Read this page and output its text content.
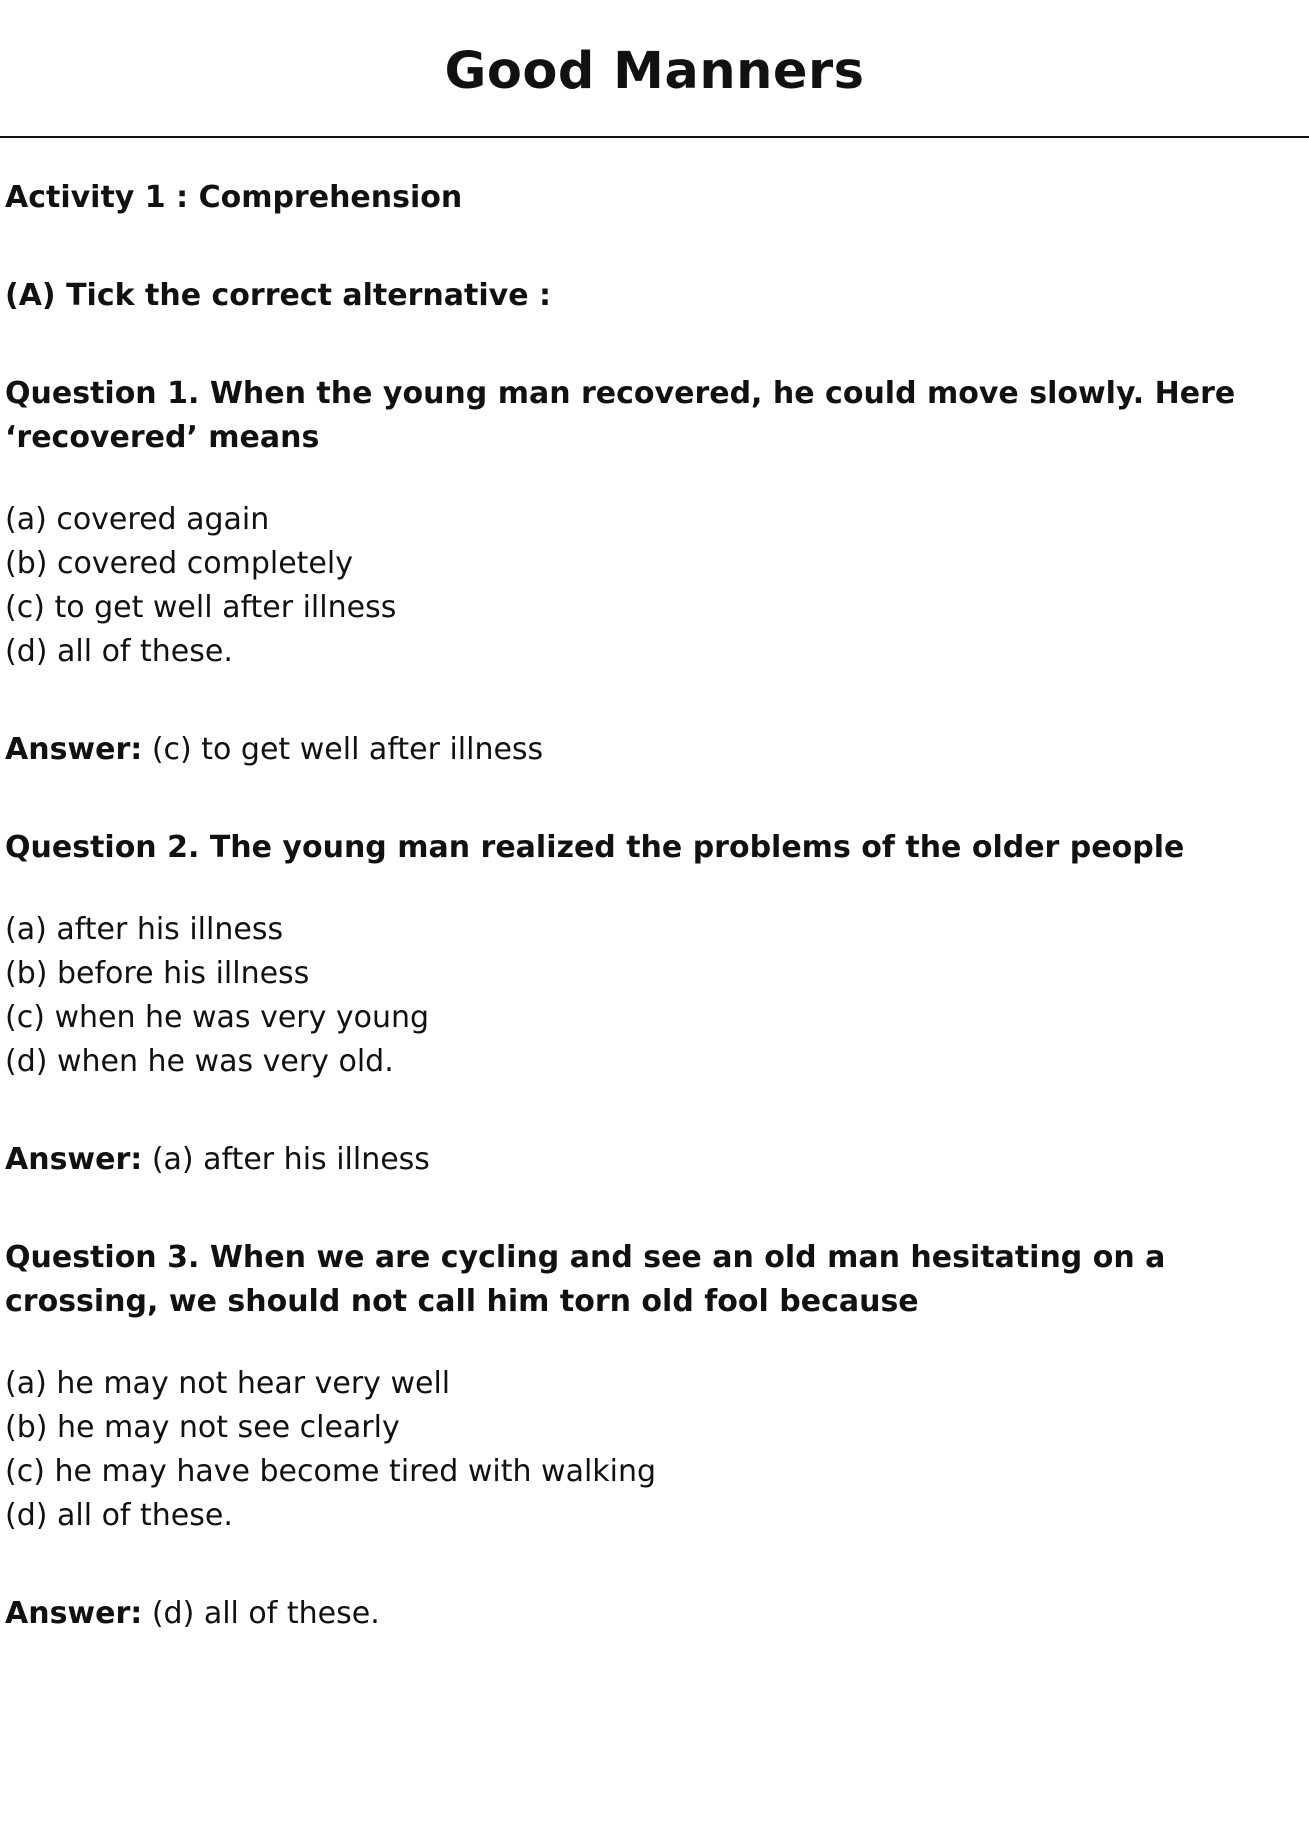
Good Manners

Activity 1 : Comprehension

(A) Tick the correct alternative :

Question 1. When the young man recovered, he could move slowly. Here ‘recovered’ means

(a) covered again
(b) covered completely
(c) to get well after illness
(d) all of these.

Answer: (c) to get well after illness

Question 2. The young man realized the problems of the older people

(a) after his illness
(b) before his illness
(c) when he was very young
(d) when he was very old.

Answer: (a) after his illness

Question 3. When we are cycling and see an old man hesitating on a crossing, we should not call him torn old fool because

(a) he may not hear very well
(b) he may not see clearly
(c) he may have become tired with walking
(d) all of these.

Answer: (d) all of these.
